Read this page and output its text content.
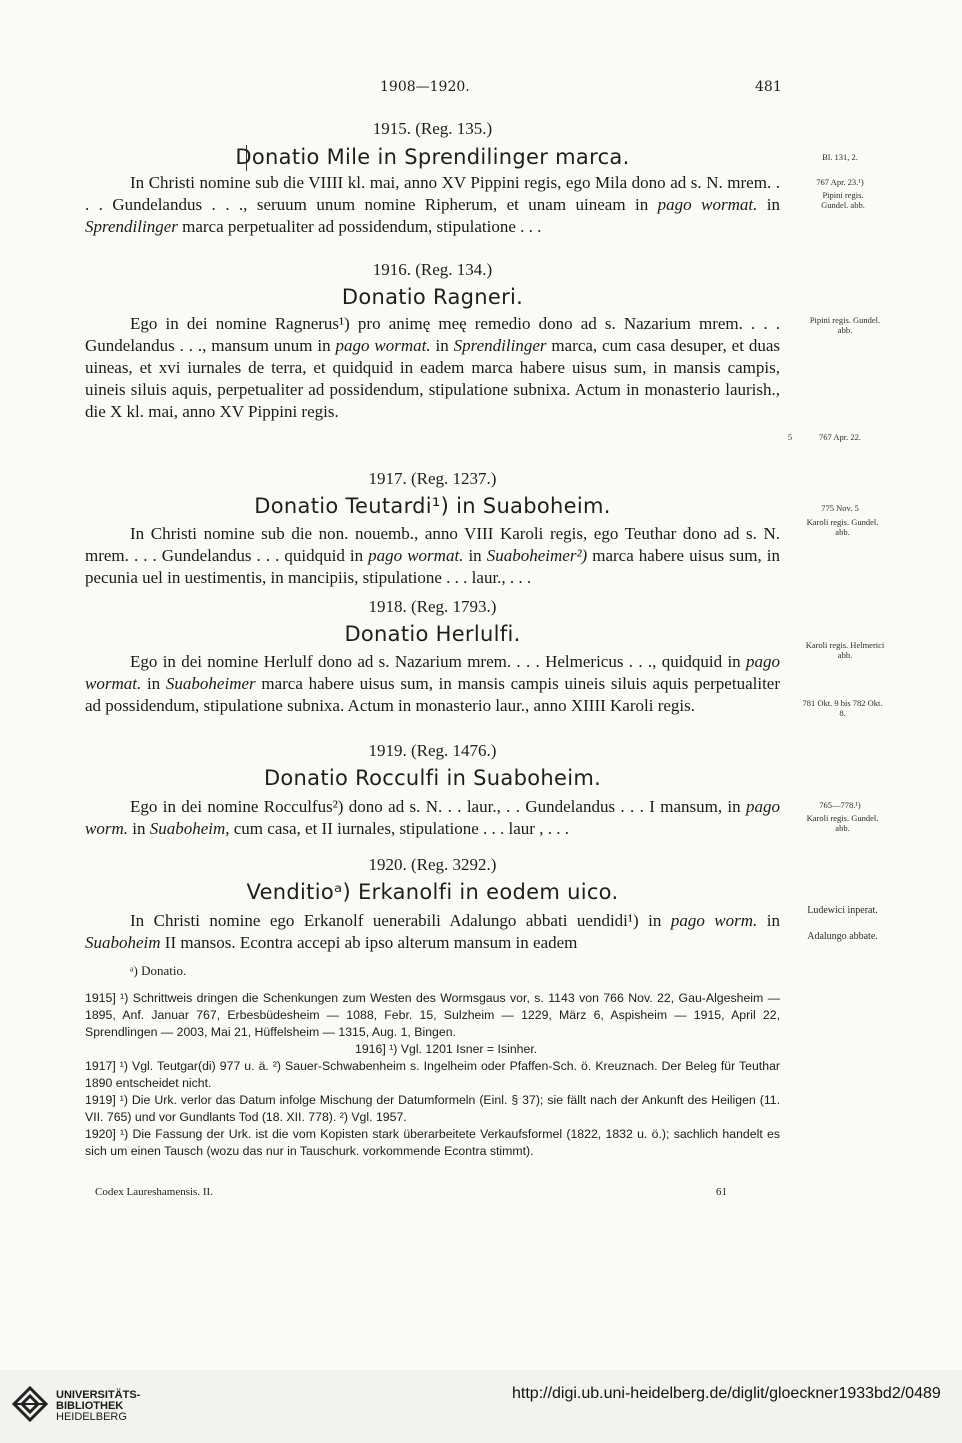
1908—1920.	481
1915. (Reg. 135.)
Donatio Mile in Sprendilinger marca.

In Christi nomine sub die VIIII kl. mai, anno XV Pippini regis, ego Mila dono ad s. N. mrem. . . . Gundelandus . . ., seruum unum nomine Ripherum, et unam uineam in pago wormat. in Sprendilinger marca perpetualiter ad possidendum, stipulatione . . .

Bl. 131, 2.
767 Apr. 23.¹)
Pipini regis. Gundel. abb.
1916. (Reg. 134.)
Donatio Ragneri.

Ego in dei nomine Ragnerus¹) pro animę meę remedio dono ad s. Nazarium mrem. . . . Gundelandus . . ., mansum unum in pago wormat. in Sprendilinger marca, cum casa desuper, et duas uineas, et xvi iurnales de terra, et quidquid in eadem marca habere uisus sum, in mansis campis, uineis siluis aquis, perpetualiter ad possidendum, stipulatione subnixa. Actum in monasterio laurish., die X kl. mai, anno XV Pippini regis.

Pipini regis. Gundel. abb.
5	767 Apr. 22.
1917. (Reg. 1237.)
Donatio Teutardi¹) in Suaboheim.

In Christi nomine sub die non. nouemb., anno VIII Karoli regis, ego Teuthar dono ad s. N. mrem. . . . Gundelandus . . . quidquid in pago wormat. in Suaboheimer²) marca habere uisus sum, in pecunia uel in uestimentis, in mancipiis, stipulatione . . . laur., . . .

775 Nov. 5
Karoli regis. Gundel. abb.
1918. (Reg. 1793.)
Donatio Herlulfi.

Ego in dei nomine Herlulf dono ad s. Nazarium mrem. . . . Helmericus . . ., quidquid in pago wormat. in Suaboheimer marca habere uisus sum, in mansis campis uineis siluis aquis perpetualiter ad possidendum, stipulatione subnixa. Actum in monasterio laur., anno XIIII Karoli regis.

Karoli regis. Helmerici abb.
781 Okt. 9 bis 782 Okt. 8.
1919. (Reg. 1476.)
Donatio Rocculfi in Suaboheim.

Ego in dei nomine Rocculfus²) dono ad s. N. . . laur., . . Gundelandus . . . I mansum, in pago worm. in Suaboheim, cum casa, et II iurnales, stipulatione . . . laur , . . .

765—778.¹)
Karoli regis. Gundel. abb.
1920. (Reg. 3292.)
Venditioᵃ) Erkanolfi in eodem uico.

In Christi nomine ego Erkanolf uenerabili Adalungo abbati uendidi¹) in pago worm. in Suaboheim II mansos. Econtra accepi ab ipso alterum mansum in eadem

Ludewici inperat.
Adalungo abbate.
ᵃ) Donatio.

1915] ¹) Schrittweis dringen die Schenkungen zum Westen des Wormsgaus vor, s. 1143 von 766 Nov. 22, Gau-Algesheim — 1895, Anf. Januar 767, Erbesbüdesheim — 1088, Febr. 15, Sulzheim — 1229, März 6, Aspisheim — 1915, April 22, Sprendlingen — 2003, Mai 21, Hüffelsheim — 1315, Aug. 1, Bingen.

1916] ¹) Vgl. 1201 Isner = Isinher.

1917] ¹) Vgl. Teutgar(di) 977 u. ä. ²) Sauer-Schwabenheim s. Ingelheim oder Pfaffen-Sch. ö. Kreuznach. Der Beleg für Teuthar 1890 entscheidet nicht.

1919] ¹) Die Urk. verlor das Datum infolge Mischung der Datumformeln (Einl. § 37); sie fällt nach der Ankunft des Heiligen (11. VII. 765) und vor Gundlants Tod (18. XII. 778). ²) Vgl. 1957.

1920] ¹) Die Fassung der Urk. ist die vom Kopisten stark überarbeitete Verkaufsformel (1822, 1832 u. ö.); sachlich handelt es sich um einen Tausch (wozu das nur in Tauschurk. vorkommende Econtra stimmt).

Codex Laureshamensis. II.	61
UNIVERSITÄTS-
BIBLIOTHEK
HEIDELBERG
http://digi.ub.uni-heidelberg.de/diglit/gloeckner1933bd2/0489
